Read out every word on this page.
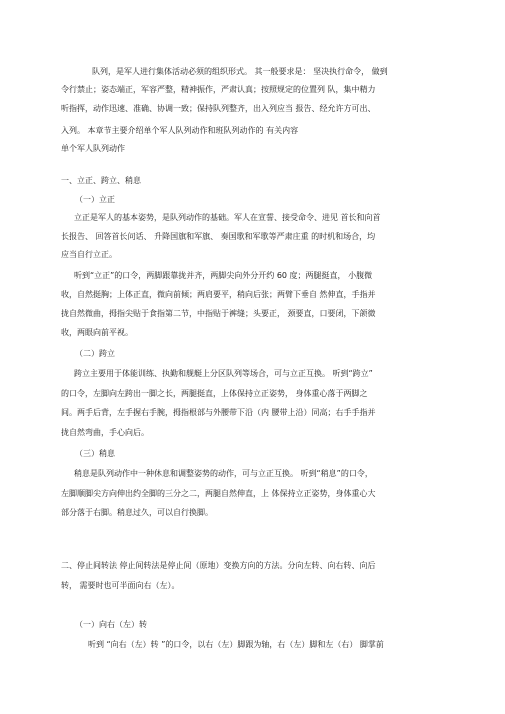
队列，是军人进行集体活动必须的组织形式。 其一般要求是： 坚决执行命令， 做到
令行禁止；姿态端正，军容严整，精神振作，严肃认真；按照规定的位置列 队，集中精力
听指挥，动作迅速、准确、协调一致；保持队列整齐，出入列应当 报告、经允许方可出、
入列。 本章节主要介绍单个军人队列动作和班队列动作的 有关内容
单个军人队列动作
一、立正、跨立、稍息
（一）立正
立正是军人的基本姿势，是队列动作的基础。军人在宣誓、接受命令、进见 首长和向首
长报告、 回答首长问话、 升降国旗和军旗、 奏国歌和军歌等严肃庄重 的时机和场合，均
应当自行立正。
听到“立正”的口令，两脚跟靠拢并齐，两脚尖向外分开约 60 度；两腿挺直， 小腹微
收，自然挺胸；上体正直，微向前倾；两肩要平，稍向后张；两臂下垂自 然伸直，手指并
拢自然微曲，拇指尖贴于食指第二节，中指贴于裤缝；头要正， 颈要直，口要闭，下颌微
收，两眼向前平视。
（二）跨立
跨立主要用于体能训练、执勤和舰艇上分区队列等场合，可与立正互换。 听到“跨立”
的口令，左脚向左跨出一脚之长，两腿挺直，上体保持立正姿势， 身体重心落于两脚之
间。两手后背，左手握右手腕，拇指根部与外腰带下沿（内 腰带上沿）同高；右手手指并
拢自然弯曲，手心向后。
（三）稍息
稍息是队列动作中一种休息和调整姿势的动作，可与立正互换。 听到“稍息”的口令，
左脚顺脚尖方向伸出约全脚的三分之二，两腿自然伸直，上 体保持立正姿势，身体重心大
部分落于右脚。稍息过久，可以自行换脚。
二、停止间转法 停止间转法是停止间（原地）变换方向的方法。分向左转、向右转、向后
转， 需要时也可半面向右（左）。
（一）向右（左）转
听到 “向右（左）转 ”的口令，以右（左）脚跟为轴，右（左）脚和左（右） 脚掌前
